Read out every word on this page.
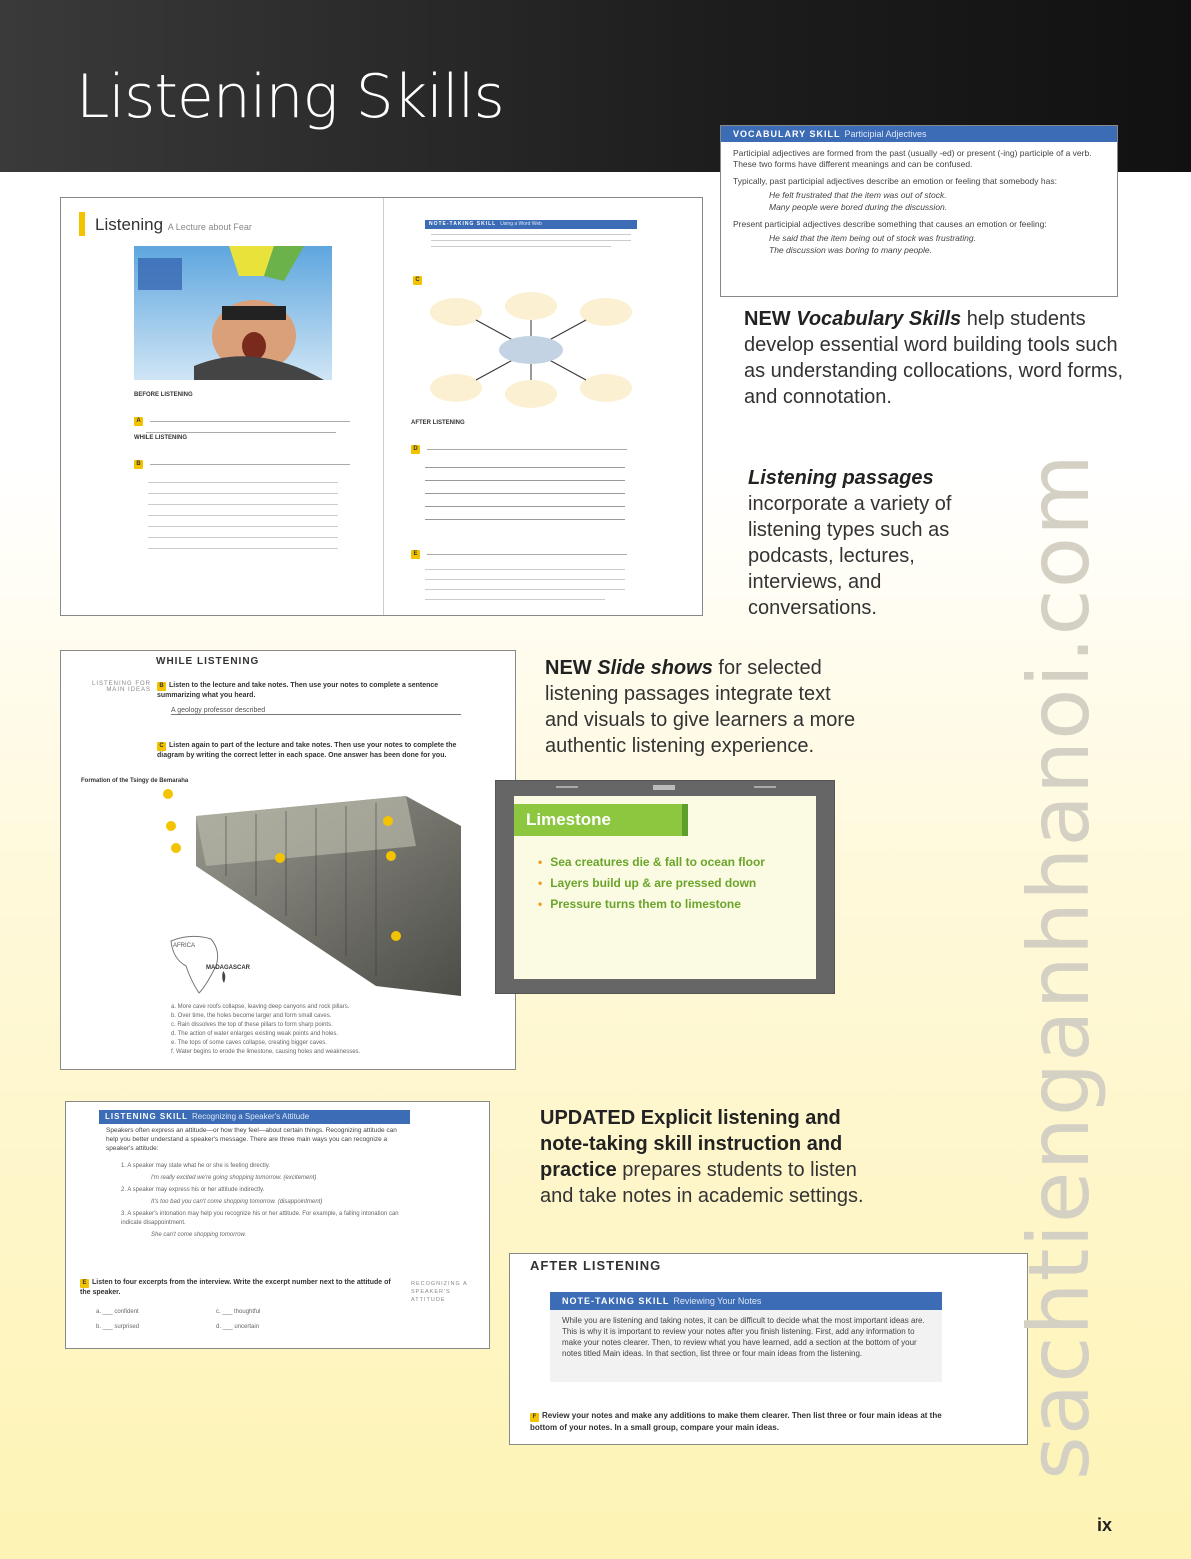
Listening Skills
VOCABULARY SKILL Participial Adjectives

Participial adjectives are formed from the past (usually -ed) or present (-ing) participle of a verb. These two forms have different meanings and can be confused.

Typically, past participial adjectives describe an emotion or feeling that somebody has:

He felt frustrated that the item was out of stock.

Many people were bored during the discussion.

Present participial adjectives describe something that causes an emotion or feeling:

He said that the item being out of stock was frustrating.

The discussion was boring to many people.

NEW Vocabulary Skills help students develop essential word building tools such as understanding collocations, word forms, and connotation.
Listening passages
incorporate a variety of listening types such as podcasts, lectures, interviews, and conversations.
Listening A Lecture about Fear
BEFORE LISTENING
A
WHILE LISTENING
B
NOTE-TAKING SKILL Using a Word Web
C
AFTER LISTENING
D
E
NEW Slide shows for selected listening passages integrate text and visuals to give learners a more authentic listening experience.
WHILE LISTENING
LISTENING FOR MAIN IDEAS
B Listen to the lecture and take notes. Then use your notes to complete a sentence summarizing what you heard.
A geology professor described
C Listen again to part of the lecture and take notes. Then use your notes to complete the diagram by writing the correct letter in each space. One answer has been done for you.
Formation of the Tsingy de Bemaraha
AFRICA
MADAGASCAR
a. More cave roofs collapse, leaving deep canyons and rock pillars.
b. Over time, the holes become larger and form small caves.
c. Rain dissolves the top of these pillars to form sharp points.
d. The action of water enlarges existing weak points and holes.
e. The tops of some caves collapse, creating bigger caves.
f. Water begins to erode the limestone, causing holes and weaknesses.
Limestone
• Sea creatures die & fall to ocean floor
• Layers build up & are pressed down
• Pressure turns them to limestone
LISTENING SKILL Recognizing a Speaker's Attitude
Speakers often express an attitude—or how they feel—about certain things. Recognizing attitude can help you better understand a speaker's message. There are three main ways you can recognize a speaker's attitude:
1. A speaker may state what he or she is feeling directly.
I'm really excited we're going shopping tomorrow. (excitement)
2. A speaker may express his or her attitude indirectly.
It's too bad you can't come shopping tomorrow. (disappointment)
3. A speaker's intonation may help you recognize his or her attitude. For example, a falling intonation can indicate disappointment.
She can't come shopping tomorrow.
E Listen to four excerpts from the interview. Write the excerpt number next to the attitude of the speaker.
RECOGNIZING A SPEAKER'S ATTITUDE
a. ___ confident
b. ___ surprised
c. ___ thoughtful
d. ___ uncertain
UPDATED Explicit listening and note-taking skill instruction and practice prepares students to listen and take notes in academic settings.
AFTER LISTENING
NOTE-TAKING SKILL Reviewing Your Notes
While you are listening and taking notes, it can be difficult to decide what the most important ideas are. This is why it is important to review your notes after you finish listening. First, add any information to make your notes clearer. Then, to review what you have learned, add a section at the bottom of your notes titled Main ideas. In that section, list three or four main ideas from the listening.
F Review your notes and make any additions to make them clearer. Then list three or four main ideas at the bottom of your notes. In a small group, compare your main ideas.	sachtienganhhanoi.com
ix
